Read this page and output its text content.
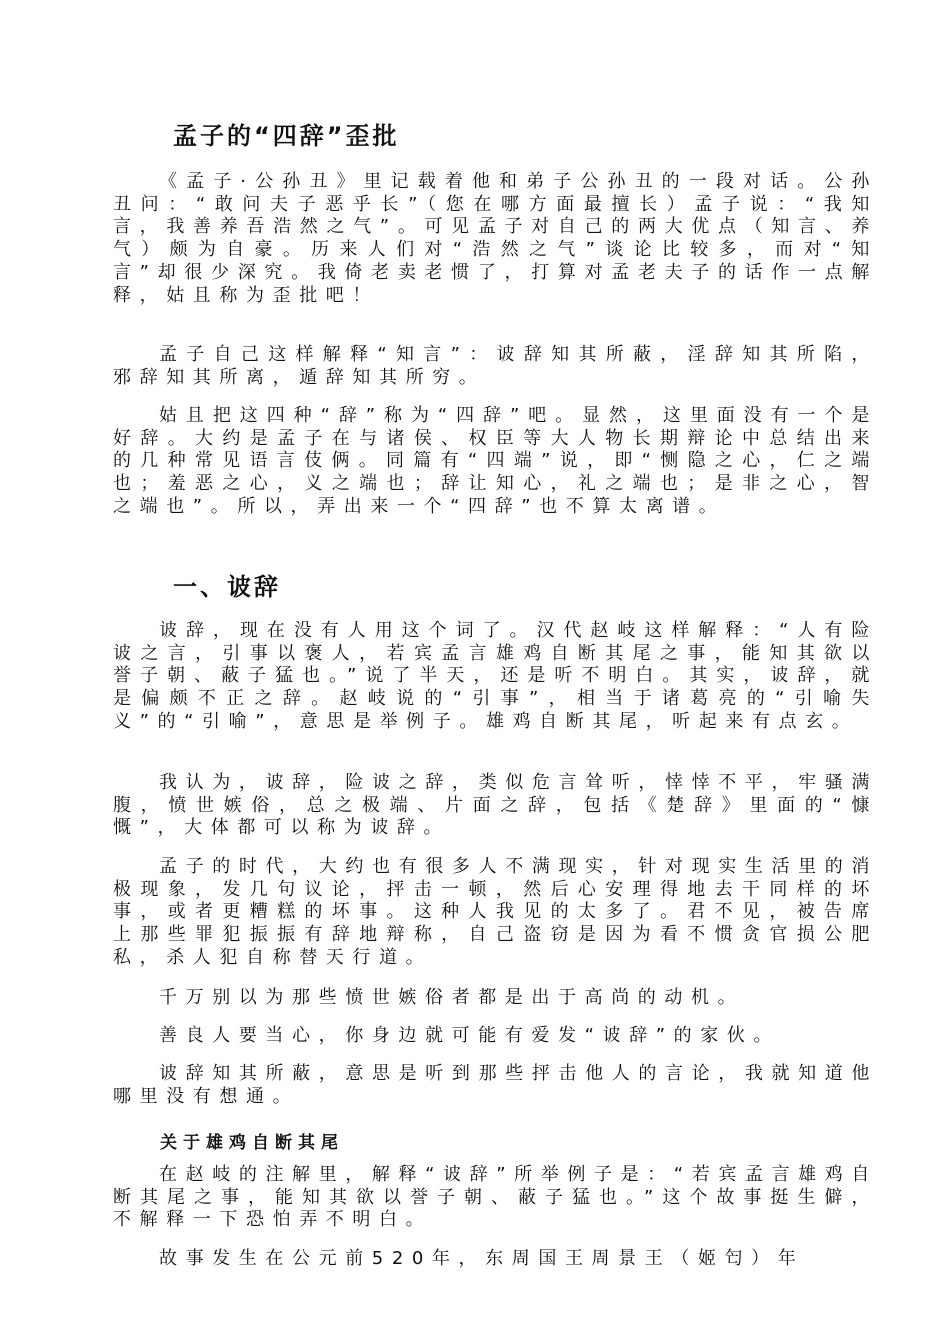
孟子的“四辞”歪批

《孟子·公孙丑》里记载着他和弟子公孙丑的一段对话。公孙丑问：“敢问夫子恶乎长”（您在哪方面最擅长）孟子说：“我知言，我善养吾浩然之气”。可见孟子对自己的两大优点（知言、养气）颇为自豪。历来人们对“浩然之气”谈论比较多，而对“知言”却很少深究。我倚老卖老惯了，打算对孟老夫子的话作一点解释，姑且称为歪批吧！

孟子自己这样解释“知言”：诐辞知其所蔽，淫辞知其所陷，邪辞知其所离，遁辞知其所穷。

姑且把这四种“辞”称为“四辞”吧。显然，这里面没有一个是好辞。大约是孟子在与诸侯、权臣等大人物长期辩论中总结出来的几种常见语言伎俩。同篇有“四端”说，即“恻隐之心，仁之端也；羞恶之心，义之端也；辞让知心，礼之端也；是非之心，智之端也”。所以，弄出来一个“四辞”也不算太离谱。

一、诐辞

诐辞，现在没有人用这个词了。汉代赵岐这样解释：“人有险诐之言，引事以褒人，若宾孟言雄鸡自断其尾之事，能知其欲以誉子朝、蔽子猛也。”说了半天，还是听不明白。其实，诐辞，就是偏颇不正之辞。赵岐说的“引事”，相当于诸葛亮的“引喻失义”的“引喻”，意思是举例子。雄鸡自断其尾，听起来有点玄。

我认为，诐辞，险诐之辞，类似危言耸听，悻悻不平，牢骚满腹，愤世嫉俗，总之极端、片面之辞，包括《楚辞》里面的“慷慨”，大体都可以称为诐辞。

孟子的时代，大约也有很多人不满现实，针对现实生活里的消极现象，发几句议论，抨击一顿，然后心安理得地去干同样的坏事，或者更糟糕的坏事。这种人我见的太多了。君不见，被告席上那些罪犯振振有辞地辩称，自己盗窃是因为看不惯贪官损公肥私，杀人犯自称替天行道。

千万别以为那些愤世嫉俗者都是出于高尚的动机。

善良人要当心，你身边就可能有爱发“诐辞”的家伙。

诐辞知其所蔽，意思是听到那些抨击他人的言论，我就知道他哪里没有想通。

关于雄鸡自断其尾

在赵岐的注解里，解释“诐辞”所举例子是：“若宾孟言雄鸡自断其尾之事，能知其欲以誉子朝、蔽子猛也。”这个故事挺生僻，不解释一下恐怕弄不明白。

故事发生在公元前520年，东周国王周景王（姬匄）年
